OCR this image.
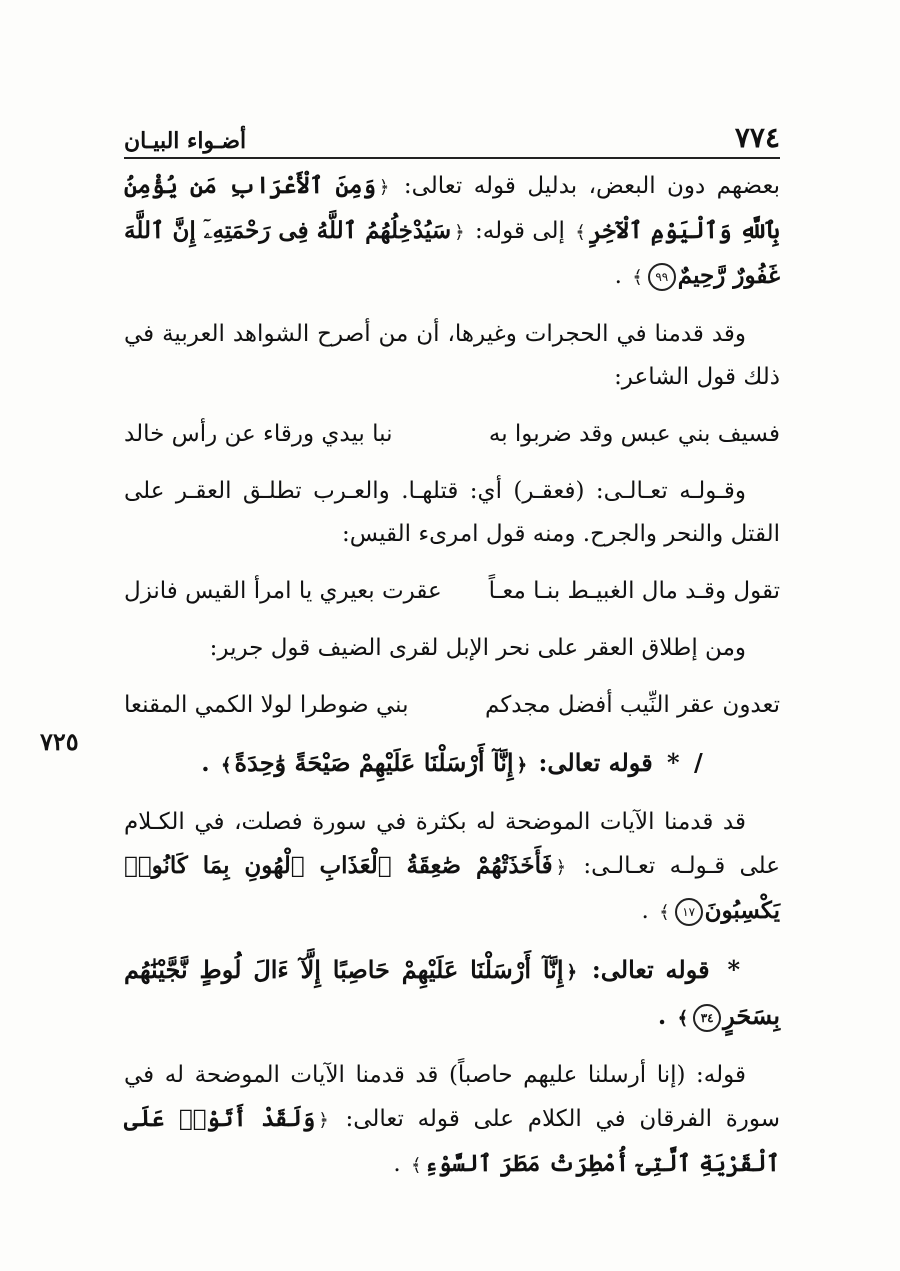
٧٧٤
أضـواء البيـان
٧٢٥

بعضهم دون البعض، بدليل قوله تعالى: ﴿وَمِنَ ٱلْأَعْرَابِ مَن يُؤْمِنُ بِٱللَّهِ وَٱلْيَوْمِ ٱلْآخِرِ﴾ إلى قوله: ﴿سَيُدْخِلُهُمُ ٱللَّهُ فِى رَحْمَتِهِۦٓ إِنَّ ٱللَّهَ غَفُورٌ رَّحِيمٌ٩٩﴾ .

وقد قدمنا في الحجرات وغيرها، أن من أصرح الشواهد العربية في ذلك قول الشاعر:

فسيف بني عبس وقد ضربوا به
نبا بيدي ورقاء عن رأس خالد

وقـولـه تعـالـى: (فعقـر) أي: قتلهـا. والعـرب تطلـق العقـر على القتل والنحر والجرح. ومنه قول امرىء القيس:

تقول وقـد مال الغبيـط بنـا معـاً
عقرت بعيري يا امرأ القيس فانزل

ومن إطلاق العقر على نحر الإبل لقرى الضيف قول جرير:

تعدون عقر النِّيب أفضل مجدكم
بني ضوطرا لولا الكمي المقنعا

/ * قوله تعالى: ﴿إِنَّآ أَرْسَلْنَا عَلَيْهِمْ صَيْحَةً وَٰحِدَةً﴾ .

قد قدمنا الآيات الموضحة له بكثرة في سورة فصلت، في الكـلام على قـولـه تعـالـى: ﴿فَأَخَذَتْهُمْ صَٰعِقَةُ ٱلْعَذَابِ ٱلْهُونِ بِمَا كَانُوا۟ يَكْسِبُونَ١٧﴾ .

* قوله تعالى: ﴿إِنَّآ أَرْسَلْنَا عَلَيْهِمْ حَاصِبًا إِلَّآ ءَالَ لُوطٍ نَّجَّيْنَٰهُم بِسَحَرٍ٣٤﴾ .

قوله: (إنا أرسلنا عليهم حاصباً) قد قدمنا الآيات الموضحة له في سورة الفرقان في الكلام على قوله تعالى: ﴿وَلَقَدْ أَتَوْا۟ عَلَى ٱلْقَرْيَةِ ٱلَّتِىٓ أُمْطِرَتْ مَطَرَ ٱلسَّوْءِ﴾ .
